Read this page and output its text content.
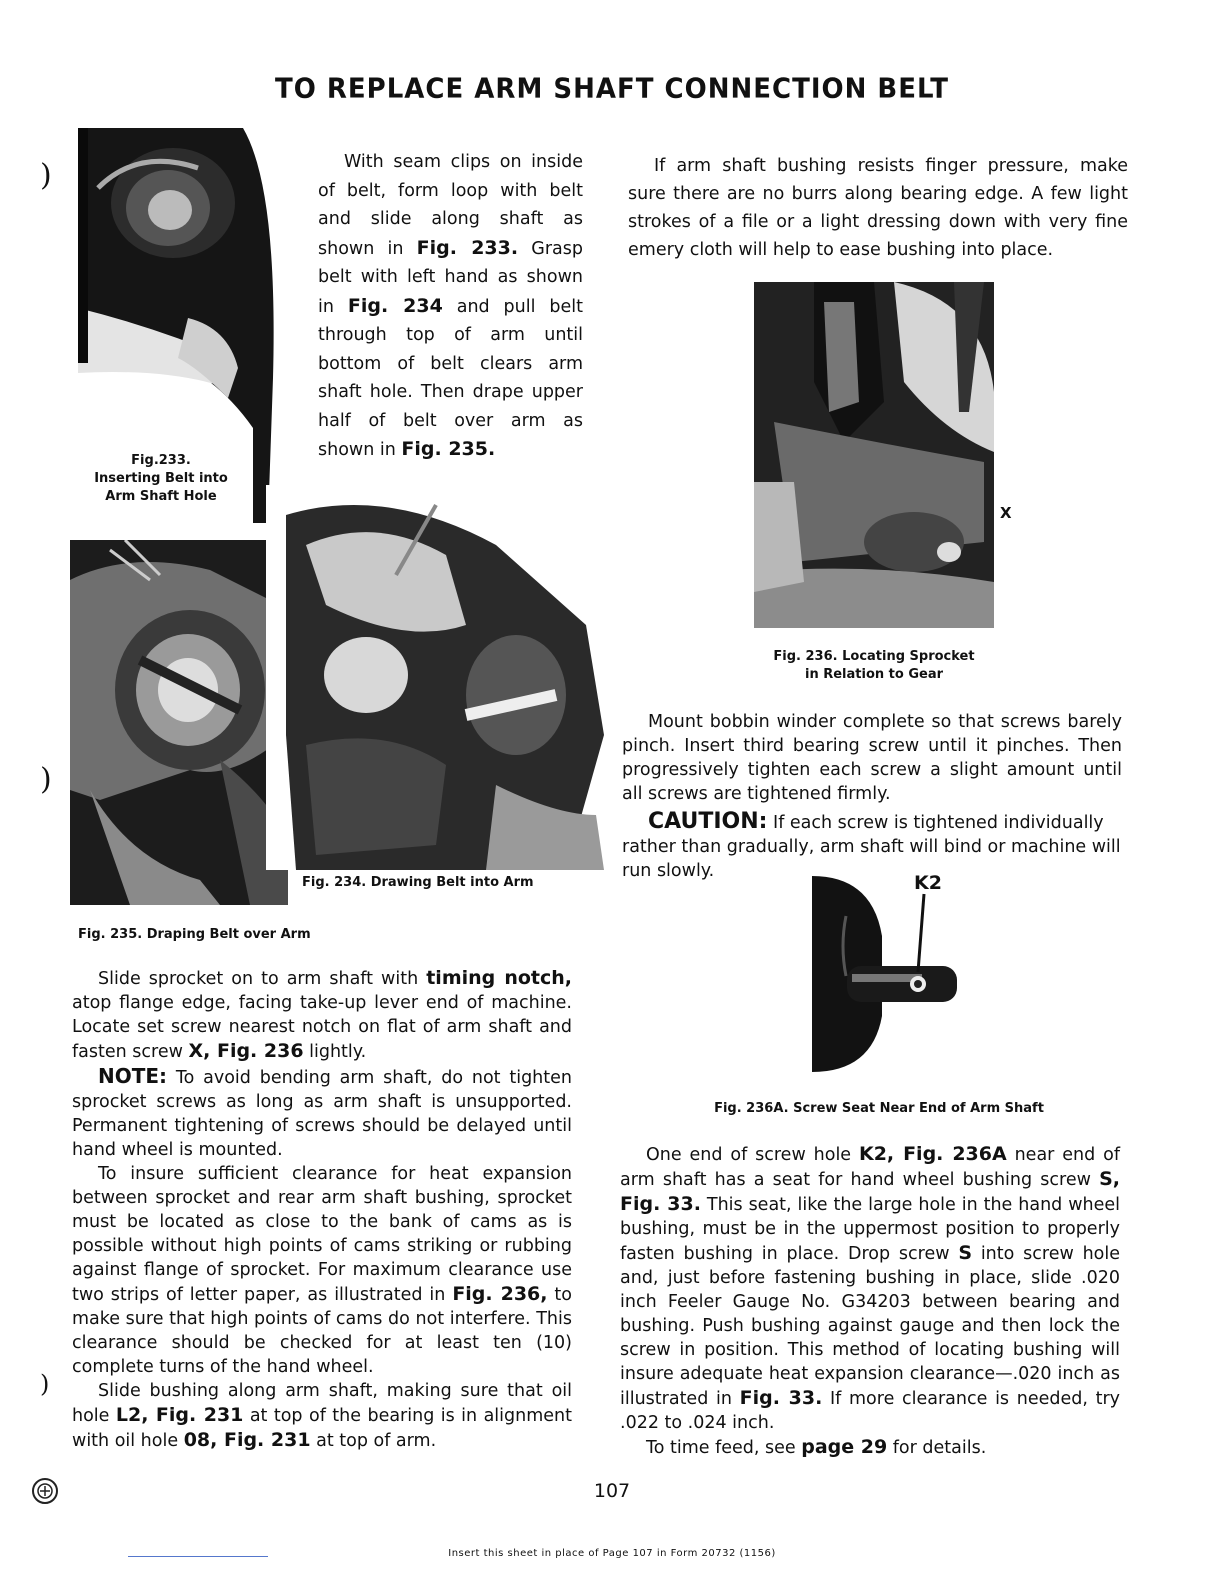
TO REPLACE ARM SHAFT CONNECTION BELT
)
)
)
Fig.233.
Inserting Belt into
Arm Shaft Hole

With seam clips on inside of belt, form loop with belt and slide along shaft as shown in Fig. 233. Grasp belt with left hand as shown in Fig. 234 and pull belt through top of arm until bottom of belt clears arm shaft hole. Then drape upper half of belt over arm as shown in Fig. 235.

Fig. 234. Drawing Belt into Arm
Fig. 235. Draping Belt over Arm

Slide sprocket on to arm shaft with timing notch, atop flange edge, facing take-up lever end of machine. Locate set screw nearest notch on flat of arm shaft and fasten screw X, Fig. 236 lightly.

NOTE: To avoid bending arm shaft, do not tighten sprocket screws as long as arm shaft is unsupported. Permanent tightening of screws should be delayed until hand wheel is mounted.

To insure sufficient clearance for heat expansion between sprocket and rear arm shaft bushing, sprocket must be located as close to the bank of cams as is possible without high points of cams striking or rubbing against flange of sprocket. For maximum clearance use two strips of letter paper, as illustrated in Fig. 236, to make sure that high points of cams do not interfere. This clearance should be checked for at least ten (10) complete turns of the hand wheel.

Slide bushing along arm shaft, making sure that oil hole L2, Fig. 231 at top of the bearing is in alignment with oil hole 08, Fig. 231 at top of arm.

If arm shaft bushing resists finger pressure, make sure there are no burrs along bearing edge. A few light strokes of a file or a light dressing down with very fine emery cloth will help to ease bushing into place.

X
Fig. 236. Locating Sprocket
in Relation to Gear

Mount bobbin winder complete so that screws barely pinch. Insert third bearing screw until it pinches. Then progressively tighten each screw a slight amount until all screws are tightened firmly.

CAUTION: If each screw is tightened individually rather than gradually, arm shaft will bind or machine will run slowly.

K2
Fig. 236A. Screw Seat Near End of Arm Shaft

One end of screw hole K2, Fig. 236A near end of arm shaft has a seat for hand wheel bushing screw S, Fig. 33. This seat, like the large hole in the hand wheel bushing, must be in the uppermost position to properly fasten bushing in place. Drop screw S into screw hole and, just before fastening bushing in place, slide .020 inch Feeler Gauge No. G34203 between bearing and bushing. Push bushing against gauge and then lock the screw in position. This method of locating bushing will insure adequate heat expansion clearance—.020 inch as illustrated in Fig. 33. If more clearance is needed, try .022 to .024 inch.

To time feed, see page 29 for details.

107
Insert this sheet in place of Page 107 in Form 20732 (1156)
